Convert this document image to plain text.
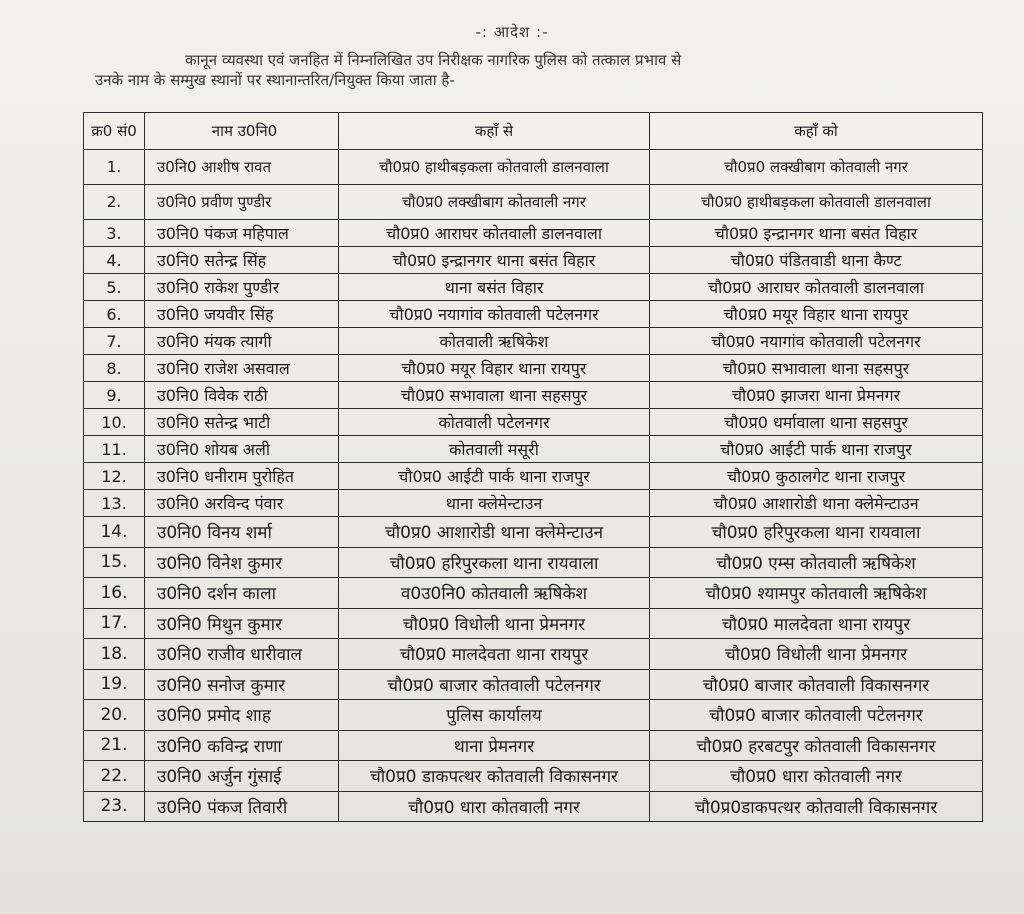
-: आदेश :-
कानून व्यवस्था एवं जनहित में निम्नलिखित उप निरीक्षक नागरिक पुलिस को तत्काल प्रभाव से
उनके नाम के सम्मुख स्थानों पर स्थानान्तरित/नियुक्त किया जाता है-
क्र0 सं0	नाम उ0नि0	कहाँ से	कहाँ को
1.	उ0नि0 आशीष रावत	चौ0प्र0 हाथीबड़कला कोतवाली डालनवाला	चौ0प्र0 लक्खीबाग कोतवाली नगर
2.	उ0नि0 प्रवीण पुण्डीर	चौ0प्र0 लक्खीबाग कोतवाली नगर	चौ0प्र0 हाथीबड़कला कोतवाली डालनवाला
3.	उ0नि0 पंकज महिपाल	चौ0प्र0 आराघर कोतवाली डालनवाला	चौ0प्र0 इन्द्रानगर थाना बसंत विहार
4.	उ0नि0 सतेन्द्र सिंह	चौ0प्र0 इन्द्रानगर थाना बसंत विहार	चौ0प्र0 पंडितवाडी थाना कैण्ट
5.	उ0नि0 राकेश पुण्डीर	थाना बसंत विहार	चौ0प्र0 आराघर कोतवाली डालनवाला
6.	उ0नि0 जयवीर सिंह	चौ0प्र0 नयागांव कोतवाली पटेलनगर	चौ0प्र0 मयूर विहार थाना रायपुर
7.	उ0नि0 मंयक त्यागी	कोतवाली ऋषिकेश	चौ0प्र0 नयागांव कोतवाली पटेलनगर
8.	उ0नि0 राजेश असवाल	चौ0प्र0 मयूर विहार थाना रायपुर	चौ0प्र0 सभावाला थाना सहसपुर
9.	उ0नि0 विवेक राठी	चौ0प्र0 सभावाला थाना सहसपुर	चौ0प्र0 झाजरा थाना प्रेमनगर
10.	उ0नि0 सतेन्द्र भाटी	कोतवाली पटेलनगर	चौ0प्र0 धर्मावाला थाना सहसपुर
11.	उ0नि0 शोयब अली	कोतवाली मसूरी	चौ0प्र0 आईटी पार्क थाना राजपुर
12.	उ0नि0 धनीराम पुरोहित	चौ0प्र0 आईटी पार्क थाना राजपुर	चौ0प्र0 कुठालगेट थाना राजपुर
13.	उ0नि0 अरविन्द पंवार	थाना क्लेमेन्टाउन	चौ0प्र0 आशारोडी थाना क्लेमेन्टाउन
14.	उ0नि0 विनय शर्मा	चौ0प्र0 आशारोडी थाना क्लेमेन्टाउन	चौ0प्र0 हरिपुरकला थाना रायवाला
15.	उ0नि0 विनेश कुमार	चौ0प्र0 हरिपुरकला थाना रायवाला	चौ0प्र0 एम्स कोतवाली ऋषिकेश
16.	उ0नि0 दर्शन काला	व0उ0नि0 कोतवाली ऋषिकेश	चौ0प्र0 श्यामपुर कोतवाली ऋषिकेश
17.	उ0नि0 मिथुन कुमार	चौ0प्र0 विधोली थाना प्रेमनगर	चौ0प्र0 मालदेवता थाना रायपुर
18.	उ0नि0 राजीव धारीवाल	चौ0प्र0 मालदेवता थाना रायपुर	चौ0प्र0 विधोली थाना प्रेमनगर
19.	उ0नि0 सनोज कुमार	चौ0प्र0 बाजार कोतवाली पटेलनगर	चौ0प्र0 बाजार कोतवाली विकासनगर
20.	उ0नि0 प्रमोद शाह	पुलिस कार्यालय	चौ0प्र0 बाजार कोतवाली पटेलनगर
21.	उ0नि0 कविन्द्र राणा	थाना प्रेमनगर	चौ0प्र0 हरबटपुर कोतवाली विकासनगर
22.	उ0नि0 अर्जुन गुंसाई	चौ0प्र0 डाकपत्थर कोतवाली विकासनगर	चौ0प्र0 धारा कोतवाली नगर
23.	उ0नि0 पंकज तिवारी	चौ0प्र0 धारा कोतवाली नगर	चौ0प्र0डाकपत्थर कोतवाली विकासनगर
